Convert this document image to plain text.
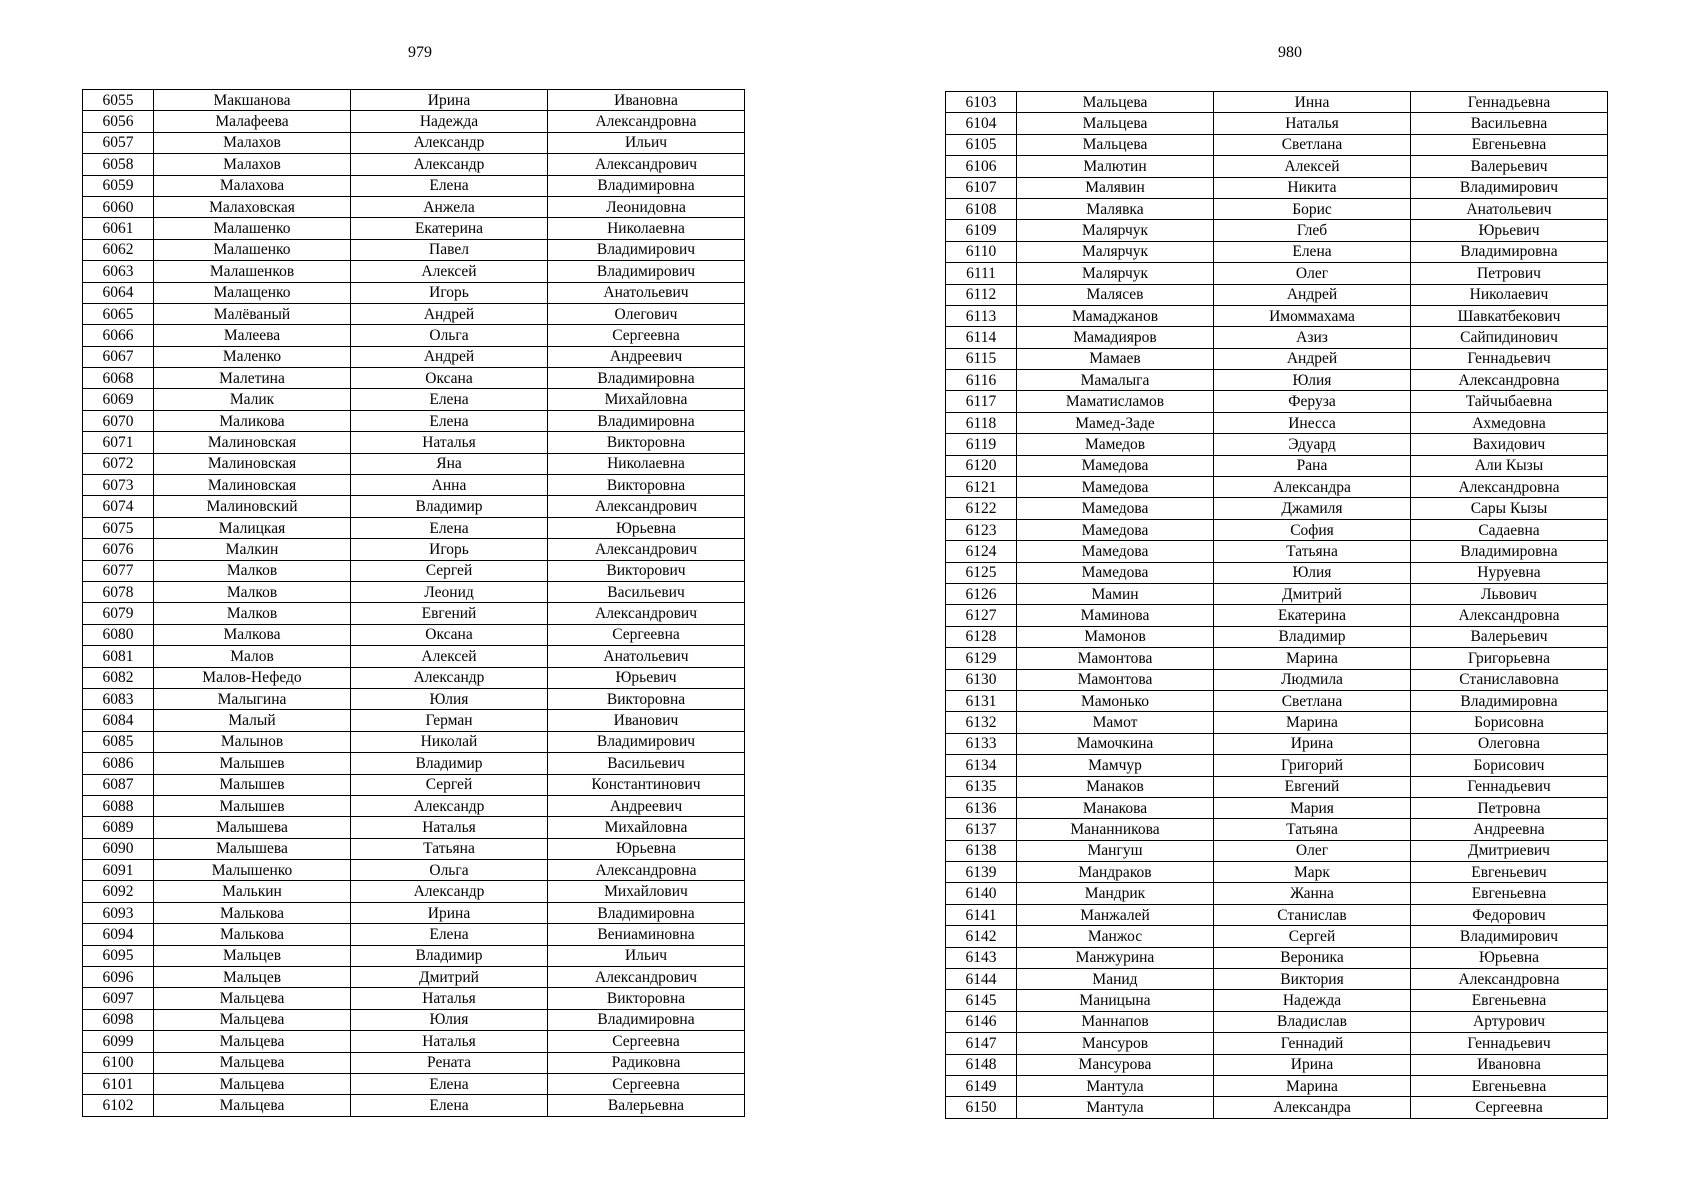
979	980
6055	Макшанова	Ирина	Ивановна
6056	Малафеева	Надежда	Александровна
6057	Малахов	Александр	Ильич
6058	Малахов	Александр	Александрович
6059	Малахова	Елена	Владимировна
6060	Малаховская	Анжела	Леонидовна
6061	Малашенко	Екатерина	Николаевна
6062	Малашенко	Павел	Владимирович
6063	Малашенков	Алексей	Владимирович
6064	Малащенко	Игорь	Анатольевич
6065	Малёваный	Андрей	Олегович
6066	Малеева	Ольга	Сергеевна
6067	Маленко	Андрей	Андреевич
6068	Малетина	Оксана	Владимировна
6069	Малик	Елена	Михайловна
6070	Маликова	Елена	Владимировна
6071	Малиновская	Наталья	Викторовна
6072	Малиновская	Яна	Николаевна
6073	Малиновская	Анна	Викторовна
6074	Малиновский	Владимир	Александрович
6075	Малицкая	Елена	Юрьевна
6076	Малкин	Игорь	Александрович
6077	Малков	Сергей	Викторович
6078	Малков	Леонид	Васильевич
6079	Малков	Евгений	Александрович
6080	Малкова	Оксана	Сергеевна
6081	Малов	Алексей	Анатольевич
6082	Малов-Нефедо	Александр	Юрьевич
6083	Малыгина	Юлия	Викторовна
6084	Малый	Герман	Иванович
6085	Малынов	Николай	Владимирович
6086	Малышев	Владимир	Васильевич
6087	Малышев	Сергей	Константинович
6088	Малышев	Александр	Андреевич
6089	Малышева	Наталья	Михайловна
6090	Малышева	Татьяна	Юрьевна
6091	Малышенко	Ольга	Александровна
6092	Малькин	Александр	Михайлович
6093	Малькова	Ирина	Владимировна
6094	Малькова	Елена	Вениаминовна
6095	Мальцев	Владимир	Ильич
6096	Мальцев	Дмитрий	Александрович
6097	Мальцева	Наталья	Викторовна
6098	Мальцева	Юлия	Владимировна
6099	Мальцева	Наталья	Сергеевна
6100	Мальцева	Рената	Радиковна
6101	Мальцева	Елена	Сергеевна
6102	Мальцева	Елена	Валерьевна
6103	Мальцева	Инна	Геннадьевна
6104	Мальцева	Наталья	Васильевна
6105	Мальцева	Светлана	Евгеньевна
6106	Малютин	Алексей	Валерьевич
6107	Малявин	Никита	Владимирович
6108	Малявка	Борис	Анатольевич
6109	Малярчук	Глеб	Юрьевич
6110	Малярчук	Елена	Владимировна
6111	Малярчук	Олег	Петрович
6112	Малясев	Андрей	Николаевич
6113	Мамаджанов	Имоммахама	Шавкатбекович
6114	Мамадияров	Азиз	Сайпидинович
6115	Мамаев	Андрей	Геннадьевич
6116	Мамалыга	Юлия	Александровна
6117	Маматисламов	Феруза	Тайчыбаевна
6118	Мамед-Заде	Инесса	Ахмедовна
6119	Мамедов	Эдуард	Вахидович
6120	Мамедова	Рана	Али Кызы
6121	Мамедова	Александра	Александровна
6122	Мамедова	Джамиля	Сары Кызы
6123	Мамедова	София	Садаевна
6124	Мамедова	Татьяна	Владимировна
6125	Мамедова	Юлия	Нуруевна
6126	Мамин	Дмитрий	Львович
6127	Маминова	Екатерина	Александровна
6128	Мамонов	Владимир	Валерьевич
6129	Мамонтова	Марина	Григорьевна
6130	Мамонтова	Людмила	Станиславовна
6131	Мамонько	Светлана	Владимировна
6132	Мамот	Марина	Борисовна
6133	Мамочкина	Ирина	Олеговна
6134	Мамчур	Григорий	Борисович
6135	Манаков	Евгений	Геннадьевич
6136	Манакова	Мария	Петровна
6137	Мананникова	Татьяна	Андреевна
6138	Мангуш	Олег	Дмитриевич
6139	Мандраков	Марк	Евгеньевич
6140	Мандрик	Жанна	Евгеньевна
6141	Манжалей	Станислав	Федорович
6142	Манжос	Сергей	Владимирович
6143	Манжурина	Вероника	Юрьевна
6144	Манид	Виктория	Александровна
6145	Маницына	Надежда	Евгеньевна
6146	Маннапов	Владислав	Артурович
6147	Мансуров	Геннадий	Геннадьевич
6148	Мансурова	Ирина	Ивановна
6149	Мантула	Марина	Евгеньевна
6150	Мантула	Александра	Сергеевна
